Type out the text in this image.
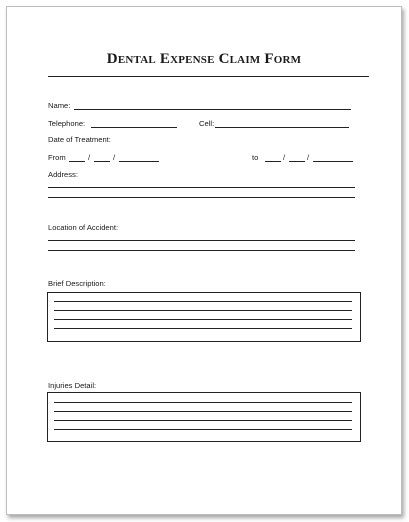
Dental Expense Claim Form
Name:
Telephone:	Cell:
Date of Treatment:
From	/	/	to	/	/
Address:
Location of Accident:
Brief Description:
Injuries Detail:
